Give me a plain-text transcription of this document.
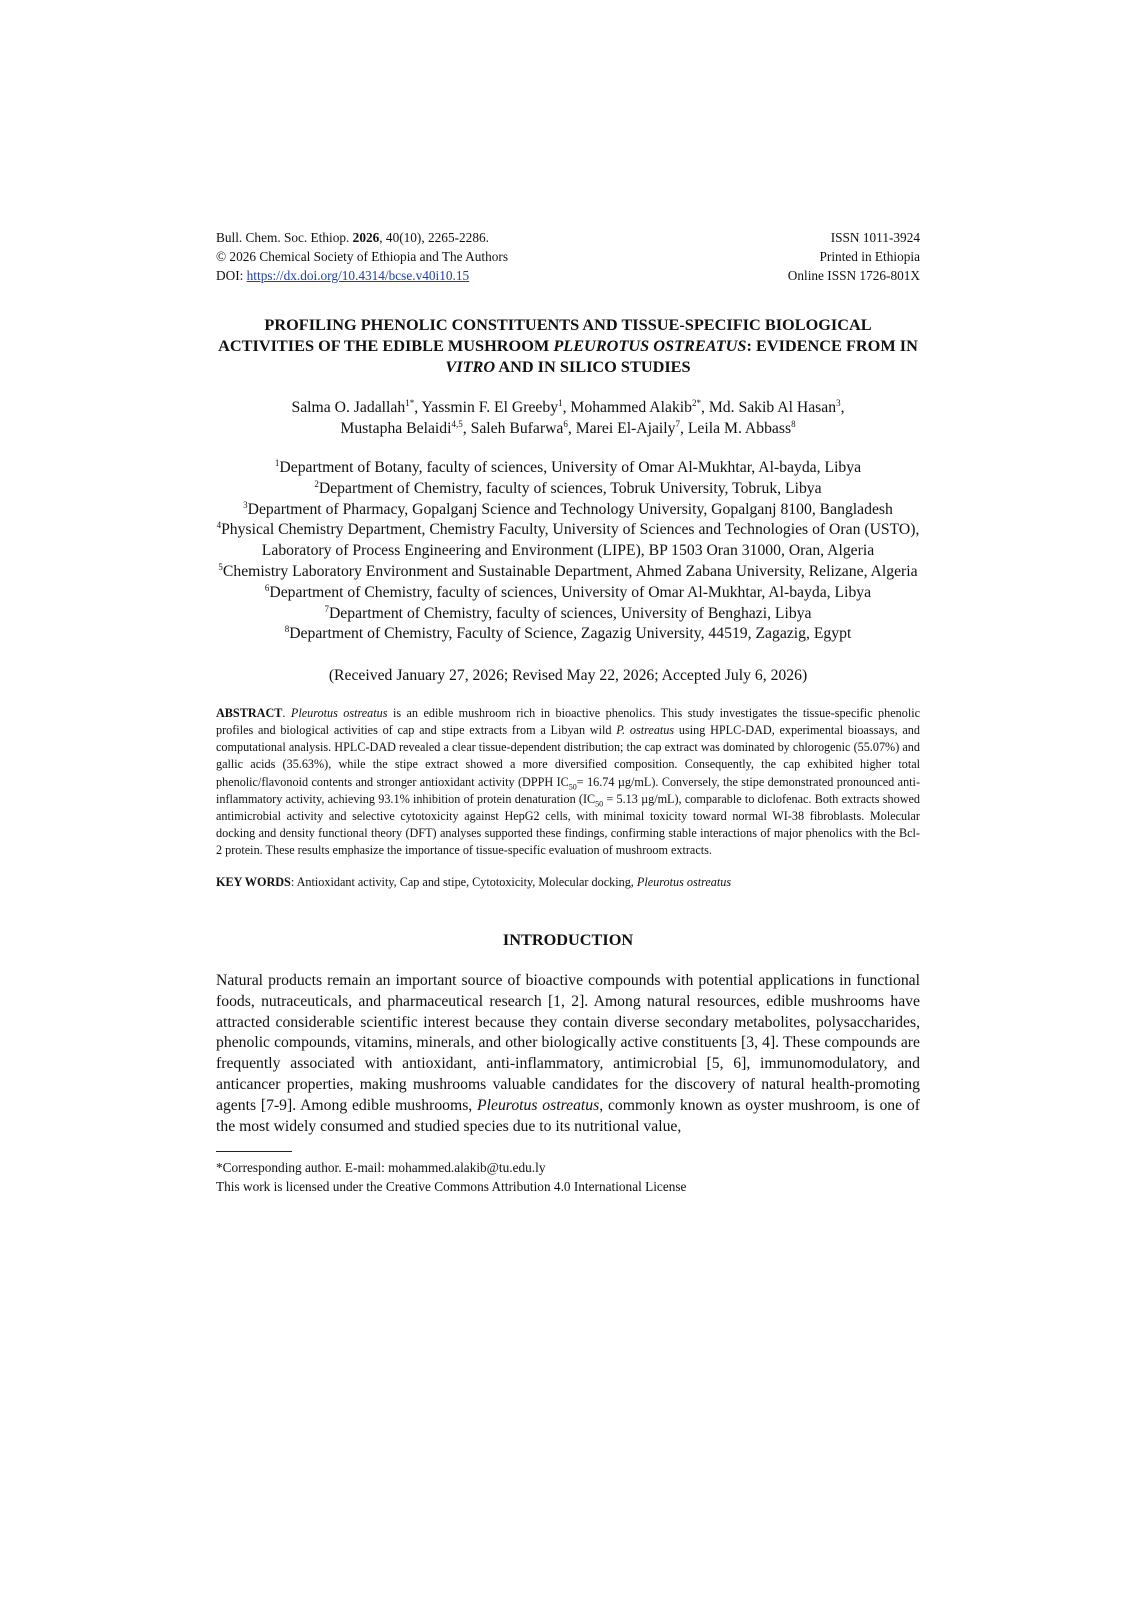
Bull. Chem. Soc. Ethiop. 2026, 40(10), 2265-2286.
© 2026 Chemical Society of Ethiopia and The Authors
DOI: https://dx.doi.org/10.4314/bcse.v40i10.15
ISSN 1011-3924
Printed in Ethiopia
Online ISSN 1726-801X
PROFILING PHENOLIC CONSTITUENTS AND TISSUE-SPECIFIC BIOLOGICAL ACTIVITIES OF THE EDIBLE MUSHROOM PLEUROTUS OSTREATUS: EVIDENCE FROM IN VITRO AND IN SILICO STUDIES
Salma O. Jadallah$^{1*}$, Yassmin F. El Greeby$^1$, Mohammed Alakib$^{2*}$, Md. Sakib Al Hasan$^3$,
Mustapha Belaidi$^{4,5}$, Saleh Bufarwa$^6$, Marei El-Ajaily$^7$, Leila M. Abbass$^8$
$^1$Department of Botany, faculty of sciences, University of Omar Al-Mukhtar, Al-bayda, Libya
$^2$Department of Chemistry, faculty of sciences, Tobruk University, Tobruk, Libya
$^3$Department of Pharmacy, Gopalganj Science and Technology University, Gopalganj 8100, Bangladesh
$^4$Physical Chemistry Department, Chemistry Faculty, University of Sciences and Technologies of Oran (USTO), Laboratory of Process Engineering and Environment (LIPE), BP 1503 Oran 31000, Oran, Algeria
$^5$Chemistry Laboratory Environment and Sustainable Department, Ahmed Zabana University, Relizane, Algeria
$^6$Department of Chemistry, faculty of sciences, University of Omar Al-Mukhtar, Al-bayda, Libya
$^7$Department of Chemistry, faculty of sciences, University of Benghazi, Libya
$^8$Department of Chemistry, Faculty of Science, Zagazig University, 44519, Zagazig, Egypt
(Received January 27, 2026; Revised May 22, 2026; Accepted July 6, 2026)
ABSTRACT. Pleurotus ostreatus is an edible mushroom rich in bioactive phenolics. This study investigates the tissue-specific phenolic profiles and biological activities of cap and stipe extracts from a Libyan wild P. ostreatus using HPLC-DAD, experimental bioassays, and computational analysis. HPLC-DAD revealed a clear tissue-dependent distribution; the cap extract was dominated by chlorogenic (55.07%) and gallic acids (35.63%), while the stipe extract showed a more diversified composition. Consequently, the cap exhibited higher total phenolic/flavonoid contents and stronger antioxidant activity (DPPH $IC_{50}= 16.74$ µg/mL). Conversely, the stipe demonstrated pronounced anti-inflammatory activity, achieving 93.1% inhibition of protein denaturation ($IC_{50} = 5.13$ µg/mL), comparable to diclofenac. Both extracts showed antimicrobial activity and selective cytotoxicity against HepG2 cells, with minimal toxicity toward normal WI-38 fibroblasts. Molecular docking and density functional theory (DFT) analyses supported these findings, confirming stable interactions of major phenolics with the Bcl-2 protein. These results emphasize the importance of tissue-specific evaluation of mushroom extracts.
KEY WORDS: Antioxidant activity, Cap and stipe, Cytotoxicity, Molecular docking, Pleurotus ostreatus
INTRODUCTION
Natural products remain an important source of bioactive compounds with potential applications in functional foods, nutraceuticals, and pharmaceutical research [1, 2]. Among natural resources, edible mushrooms have attracted considerable scientific interest because they contain diverse secondary metabolites, polysaccharides, phenolic compounds, vitamins, minerals, and other biologically active constituents [3, 4]. These compounds are frequently associated with antioxidant, anti-inflammatory, antimicrobial [5, 6], immunomodulatory, and anticancer properties, making mushrooms valuable candidates for the discovery of natural health-promoting agents [7-9]. Among edible mushrooms, Pleurotus ostreatus, commonly known as oyster mushroom, is one of the most widely consumed and studied species due to its nutritional value,
*Corresponding author. E-mail: mohammed.alakib@tu.edu.ly
This work is licensed under the Creative Commons Attribution 4.0 International License
